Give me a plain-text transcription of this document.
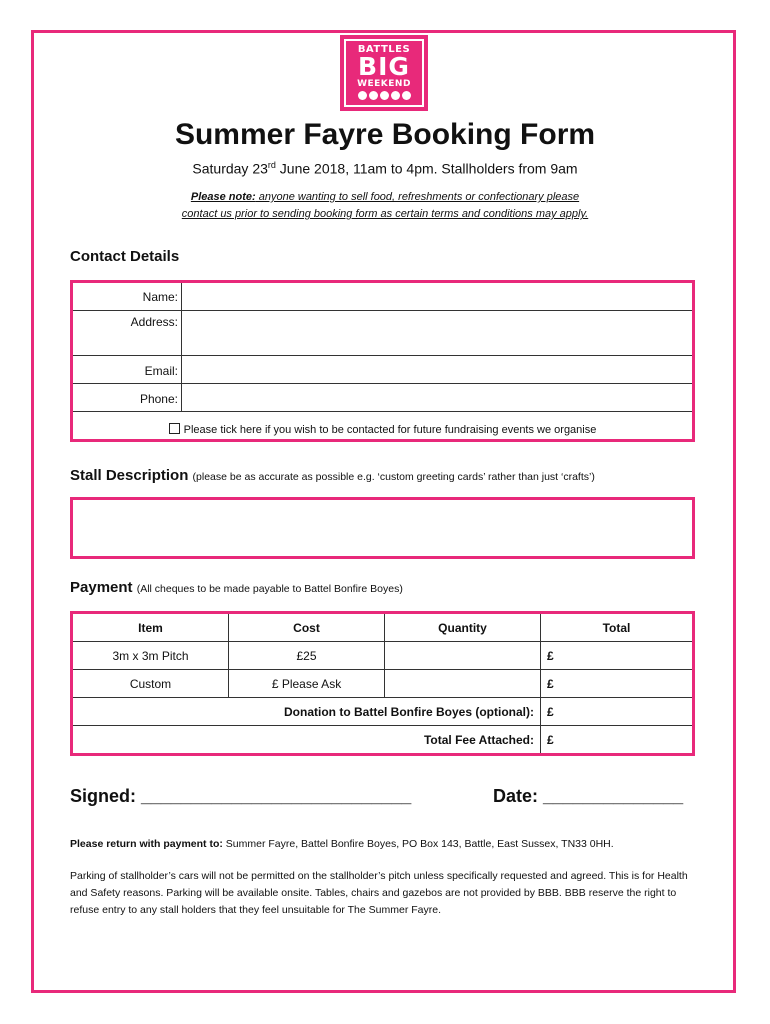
BATTLES
BIG
WEEKEND
Summer Fayre Booking Form
Saturday 23rd June 2018, 11am to 4pm. Stallholders from 9am
Please note: anyone wanting to sell food, refreshments or confectionary please
contact us prior to sending booking form as certain terms and conditions may apply.
Contact Details
Name:
Address:
Email:
Phone:
Please tick here if you wish to be contacted for future fundraising events we organise
Stall Description (please be as accurate as possible e.g. ‘custom greeting cards’ rather than just ‘crafts’)
Payment (All cheques to be made payable to Battel Bonfire Boyes)
Item	Cost	Quantity	Total
3m x 3m Pitch	£25		£
Custom	£ Please Ask		£
Donation to Battel Bonfire Boyes (optional):			£
Total Fee Attached:			£
Signed: ___________________________	Date: ______________
Please return with payment to: Summer Fayre, Battel Bonfire Boyes, PO Box 143, Battle, East Sussex, TN33 0HH.
Parking of stallholder’s cars will not be permitted on the stallholder’s pitch unless specifically requested and agreed. This is for Health and Safety reasons. Parking will be available onsite. Tables, chairs and gazebos are not provided by BBB. BBB reserve the right to refuse entry to any stall holders that they feel unsuitable for The Summer Fayre.
